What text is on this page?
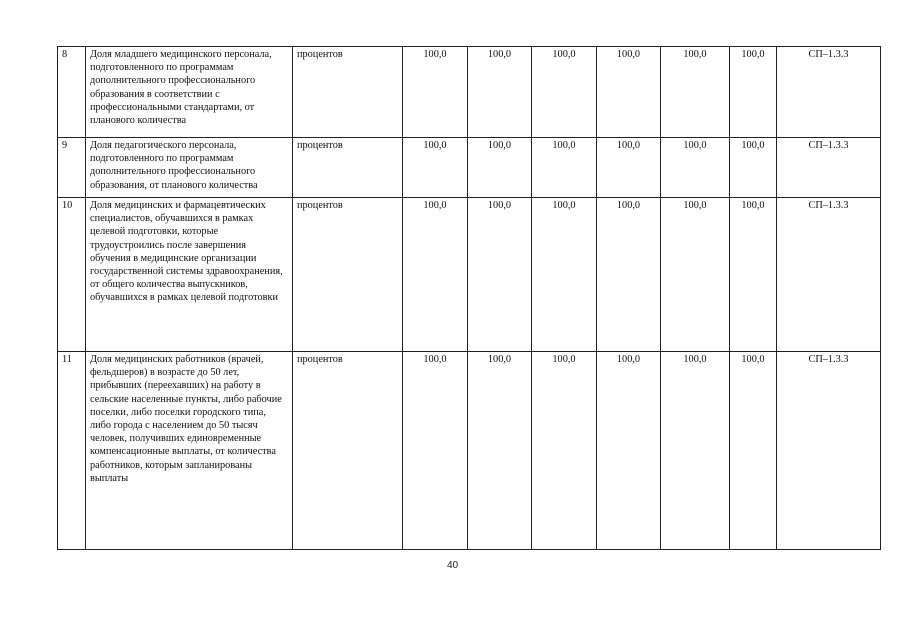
8	Доля младшего медицинского персонала, подготовленного по программам дополнительного профессионального образования в соответствии с профессиональными стандартами, от планового количества	процентов	100,0	100,0	100,0	100,0	100,0	100,0	СП–1.3.3
9	Доля педагогического персонала, подготовленного по программам дополнительного профессионального образования, от планового количества	процентов	100,0	100,0	100,0	100,0	100,0	100,0	СП–1.3.3
10	Доля медицинских и фармацевтических специалистов, обучавшихся в рамках целевой подготовки, которые трудоустроились после завершения обучения в медицинские организации государственной системы здравоохранения, от общего количества выпускников, обучавшихся в рамках целевой подготовки	процентов	100,0	100,0	100,0	100,0	100,0	100,0	СП–1.3.3
11	Доля медицинских работников (врачей, фельдшеров) в возрасте до 50 лет, прибывших (переехавших) на работу в сельские населенные пункты, либо рабочие поселки, либо поселки городского типа, либо города с населением до 50 тысяч человек, получивших единовременные компенсационные выплаты, от количества работников, которым запланированы выплаты	процентов	100,0	100,0	100,0	100,0	100,0	100,0	СП–1.3.3
40
